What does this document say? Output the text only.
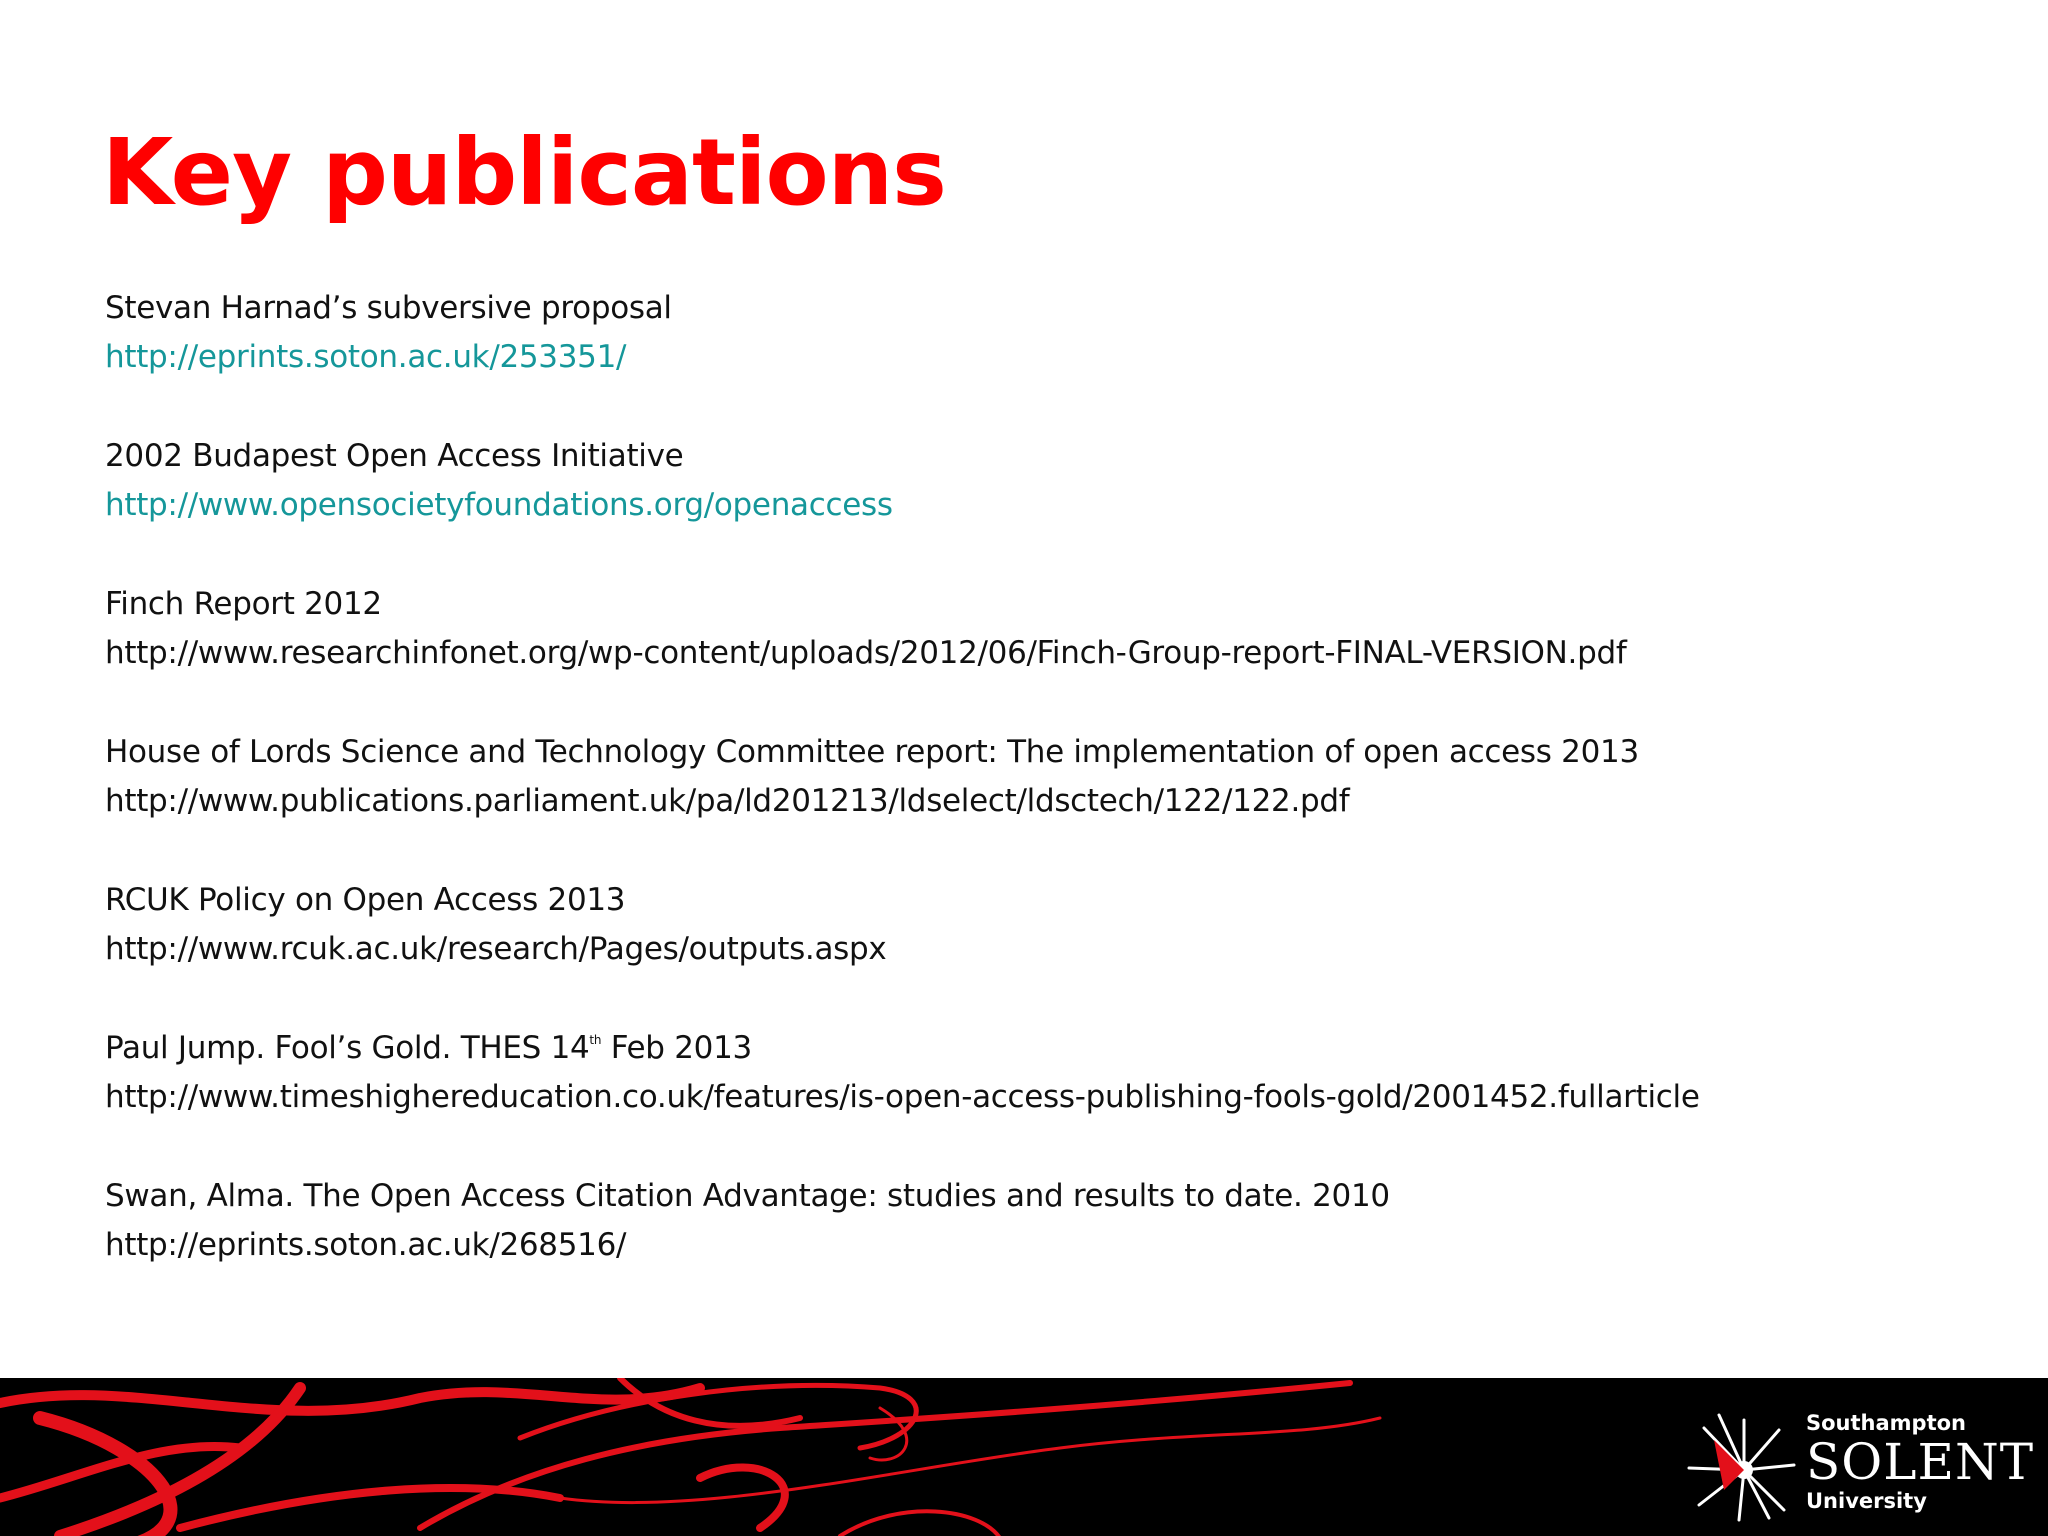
Key publications
Stevan Harnad’s subversive proposal
http://eprints.soton.ac.uk/253351/
2002 Budapest Open Access Initiative
http://www.opensocietyfoundations.org/openaccess
Finch Report 2012
http://www.researchinfonet.org/wp-content/uploads/2012/06/Finch-Group-report-FINAL-VERSION.pdf
House of Lords Science and Technology Committee report: The implementation of open access 2013
http://www.publications.parliament.uk/pa/ld201213/ldselect/ldsctech/122/122.pdf
RCUK Policy on Open Access 2013
http://www.rcuk.ac.uk/research/Pages/outputs.aspx
Paul Jump. Fool’s Gold. THES 14th Feb 2013
http://www.timeshighereducation.co.uk/features/is-open-access-publishing-fools-gold/2001452.fullarticle
Swan, Alma. The Open Access Citation Advantage: studies and results to date. 2010
http://eprints.soton.ac.uk/268516/
Southampton
SOLENT
University
